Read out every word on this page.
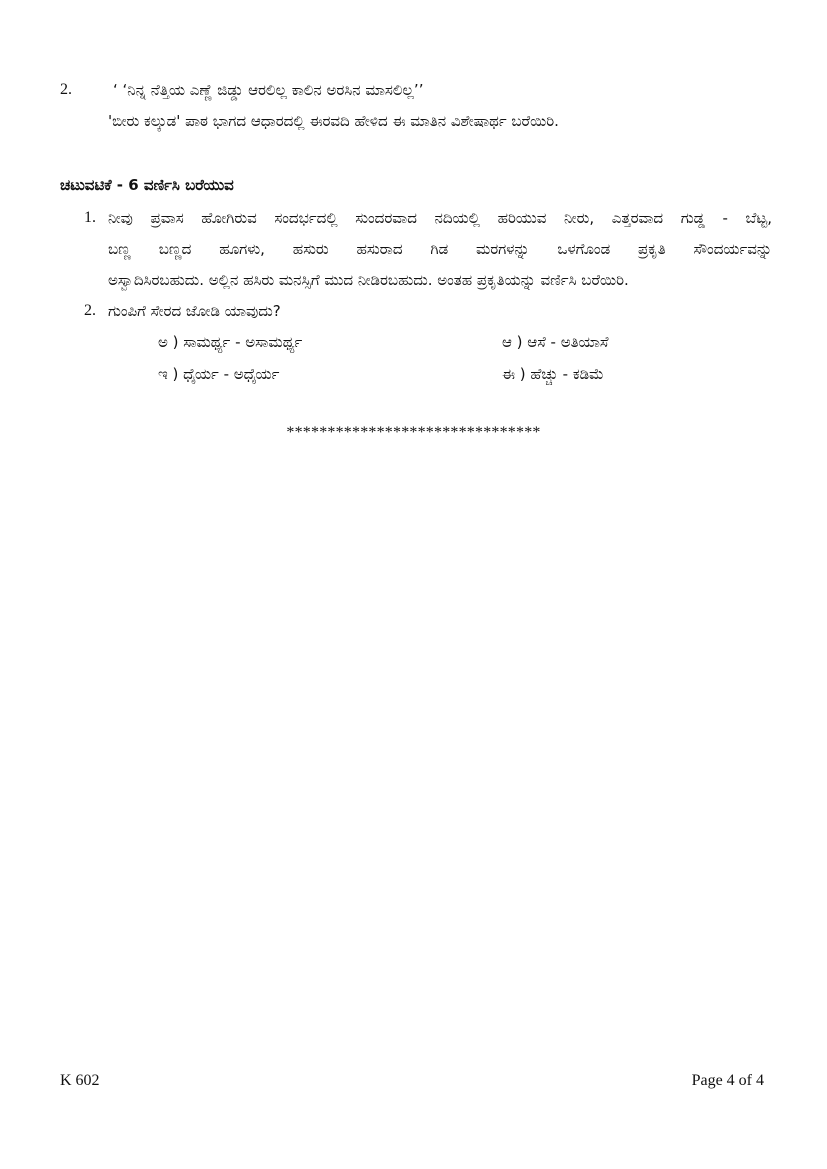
2.	‘ ‘ನಿನ್ನ ನೆತ್ತಿಯ ಎಣ್ಣೆ ಜಿಡ್ಡು ಆರಲಿಲ್ಲ ಕಾಲಿನ ಅರಸಿನ ಮಾಸಲಿಲ್ಲ’’
'ಬೀರು ಕಲ್ಕುಡ' ಪಾಠ ಭಾಗದ ಆಧಾರದಲ್ಲಿ ಈರವದಿ ಹೇಳಿದ ಈ ಮಾತಿನ ವಿಶೇಷಾರ್ಥ ಬರೆಯಿರಿ.
ಚಟುವಟಿಕೆ - 6 ವರ್ಣಿಸಿ ಬರೆಯುವ
1. ನೀವು ಪ್ರವಾಸ ಹೋಗಿರುವ ಸಂದರ್ಭದಲ್ಲಿ ಸುಂದರವಾದ ನದಿಯಲ್ಲಿ ಹರಿಯುವ ನೀರು, ಎತ್ತರವಾದ ಗುಡ್ಡ - ಬೆಟ್ಟ,
ಬಣ್ಣ ಬಣ್ಣದ ಹೂಗಳು, ಹಸುರು ಹಸುರಾದ ಗಿಡ ಮರಗಳನ್ನು ಒಳಗೊಂಡ ಪ್ರಕೃತಿ ಸೌಂದರ್ಯವನ್ನು
ಅಸ್ವಾದಿಸಿರಬಹುದು. ಅಲ್ಲಿನ ಹಸಿರು ಮನಸ್ಸಿಗೆ ಮುದ ನೀಡಿರಬಹುದು. ಅಂತಹ ಪ್ರಕೃತಿಯನ್ನು ವರ್ಣಿಸಿ ಬರೆಯಿರಿ.
2. ಗುಂಪಿಗೆ ಸೇರದ ಜೋಡಿ ಯಾವುದು?
ಅ ) ಸಾಮರ್ಥ್ಯ - ಅಸಾಮರ್ಥ್ಯ	ಆ ) ಆಸೆ - ಅತಿಯಾಸೆ
ಇ ) ಧೈರ್ಯ - ಅಧೈರ್ಯ	ಈ ) ಹೆಚ್ಚು - ಕಡಿಮೆ
*******************************
K 602	Page 4 of 4
